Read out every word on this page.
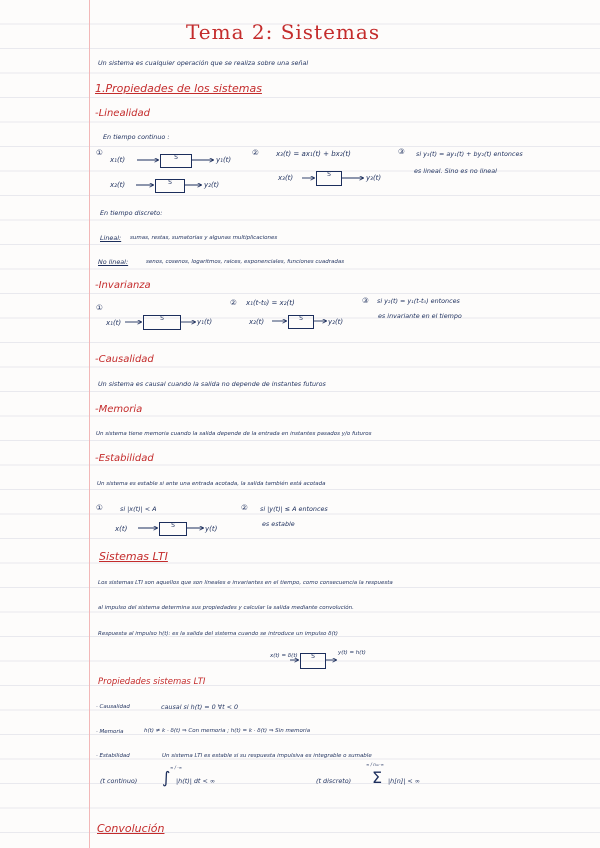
Tema 2: Sistemas
Un sistema es cualquier operación que se realiza sobre una señal
1.Propiedades de los sistemas
-Linealidad
En tiempo continuo :
①
x₁(t)	S	y₁(t)
x₂(t)	S	y₂(t)
② x₃(t) = ax₁(t) + bx₂(t)
x₃(t)	S	y₃(t)
③ si y₃(t) = ay₁(t) + by₂(t) entonces
es lineal. Sino es no lineal
En tiempo discreto:
Lineal: sumas, restas, sumatorias y algunas multiplicaciones
No lineal:	senos, cosenos, logaritmos, raices, exponenciales, funciones cuadradas
-Invarianza
①
x₁(t)
S	y₁(t)
② x₁(t-t₀) = x₂(t)
x₂(t)	S	y₂(t)
③ si y₂(t) = y₁(t-t₀) entonces
es invariante en el tiempo
-Causalidad
Un sistema es causal cuando la salida no depende de instantes futuros
-Memoria
Un sistema tiene memoria cuando la salida depende de la entrada en instantes pasados y/o futuros
-Estabilidad
Un sistema es estable si ante una entrada acotada, la salida también está acotada
①	si |x(t)| < A
x(t)	S	y(t)
② si |y(t)| ≤ A entonces
es estable
Sistemas LTI
Los sistemas LTI son aquellos que son lineales e invariantes en el tiempo, como consecuencia la respuesta
al impulso del sistema determina sus propiedades y calcular la salida mediante convolución.
Respuesta al impulso h(t): es la salida del sistema cuando se introduce un impulso δ(t)
x(t) = δ(t)	S	y(t) = h(t)
Propiedades sistemas LTI
· Causalidad	causal si h(t) = 0 ∀t < 0
· Memoria	h(t) ≠ k · δ(t) ⇒ Con memoria ; h(t) = k · δ(t) ⇒ Sin memoria
· Estabilidad	Un sistema LTI es estable si su respuesta impulsiva es integrable o sumable
(t continuo) ∫
∞ / -∞
|h(t)| dt < ∞	(t discreto) Σ
∞ / n=-∞
|h[n]| < ∞
Convolución
